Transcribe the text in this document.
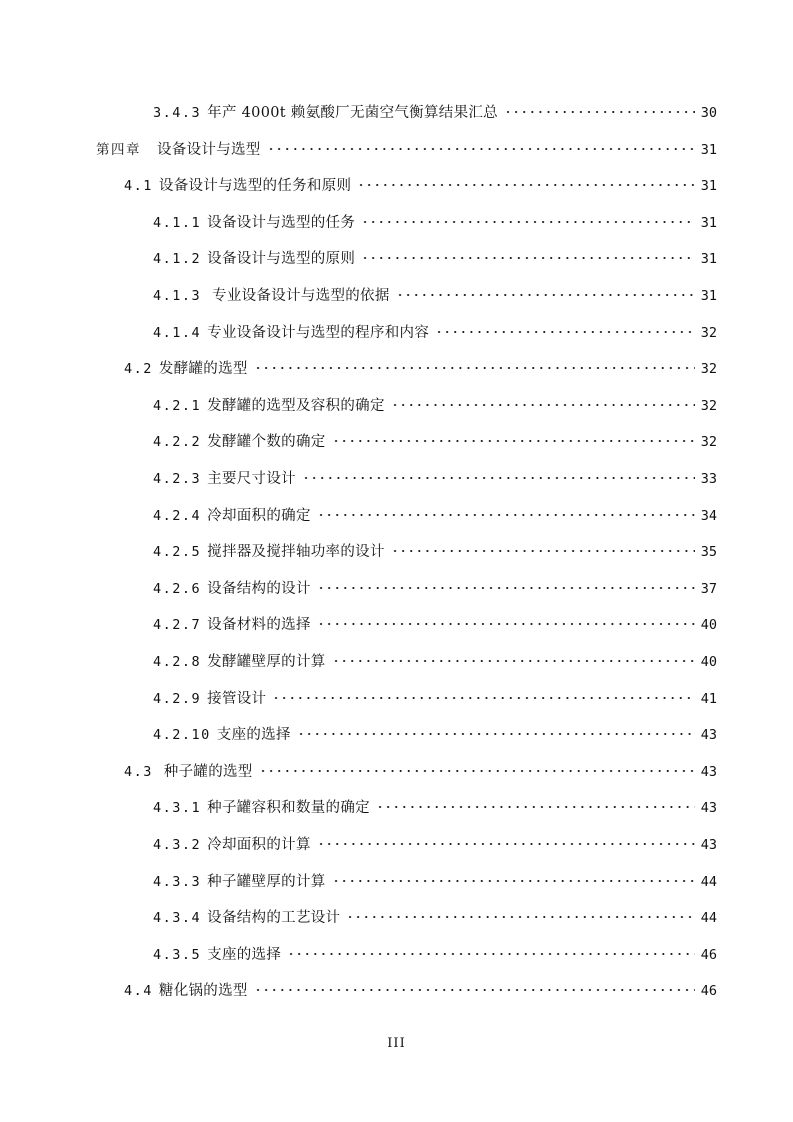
3.4.3 年产 4000t 赖氨酸厂无菌空气衡算结果汇总	30
第四章 设备设计与选型	31
4.1 设备设计与选型的任务和原则	31
4.1.1 设备设计与选型的任务	31
4.1.2 设备设计与选型的原则	31
4.1.3 专业设备设计与选型的依据	31
4.1.4 专业设备设计与选型的程序和内容	32
4.2 发酵罐的选型	32
4.2.1 发酵罐的选型及容积的确定	32
4.2.2 发酵罐个数的确定	32
4.2.3 主要尺寸设计	33
4.2.4 冷却面积的确定	34
4.2.5 搅拌器及搅拌轴功率的设计	35
4.2.6 设备结构的设计	37
4.2.7 设备材料的选择	40
4.2.8 发酵罐壁厚的计算	40
4.2.9 接管设计	41
4.2.10 支座的选择	43
4.3 种子罐的选型	43
4.3.1 种子罐容积和数量的确定	43
4.3.2 冷却面积的计算	43
4.3.3 种子罐壁厚的计算	44
4.3.4 设备结构的工艺设计	44
4.3.5 支座的选择	46
4.4 糖化锅的选型	46
III
